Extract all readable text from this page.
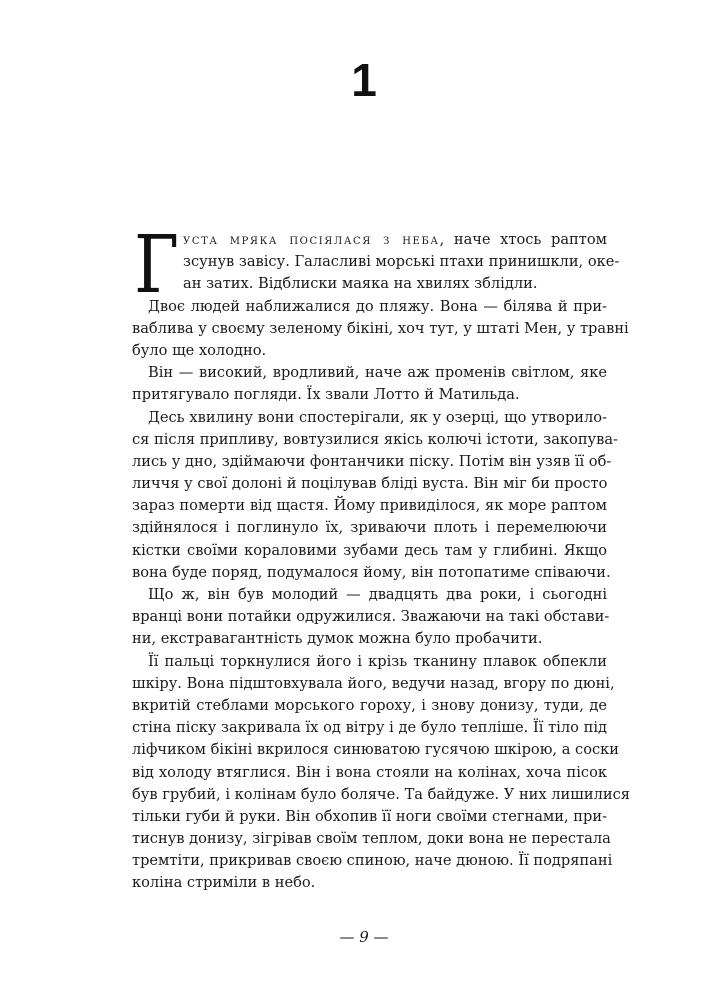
1
Г уста мряка посіялася з неба, наче хтось раптом
зсунув завісу. Галасливі морські птахи принишкли, оке-
ан затих. Відблиски маяка на хвилях зблідли.
Двоє людей наближалися до пляжу. Вона — білява й при-
ваблива у своєму зеленому бікіні, хоч тут, у штаті Мен, у травні
було ще холодно.
Він — високий, вродливий, наче аж променів світлом, яке
притягувало погляди. Їх звали Лотто й Матильда.
Десь хвилину вони спостерігали, як у озерці, що утворило-
ся після припливу, вовтузилися якісь колючі істоти, закопува-
лись у дно, здіймаючи фонтанчики піску. Потім він узяв її об-
личчя у свої долоні й поцілував бліді вуста. Він міг би просто
зараз померти від щастя. Йому привиділося, як море раптом
здійнялося і поглинуло їх, зриваючи плоть і перемелюючи
кістки своїми кораловими зубами десь там у глибині. Якщо
вона буде поряд, подумалося йому, він потопатиме співаючи.
Що ж, він був молодий — двадцять два роки, і сьогодні
вранці вони потайки одружилися. Зважаючи на такі обстави-
ни, екстравагантність думок можна було пробачити.
Її пальці торкнулися його і крізь тканину плавок обпекли
шкіру. Вона підштовхувала його, ведучи назад, вгору по дюні,
вкритій стеблами морського гороху, і знову донизу, туди, де
стіна піску закривала їх од вітру і де було тепліше. Її тіло під
ліфчиком бікіні вкрилося синюватою гусячою шкірою, а соски
від холоду втяглися. Він і вона стояли на колінах, хоча пісок
був грубий, і колінам було боляче. Та байдуже. У них лишилися
тільки губи й руки. Він обхопив її ноги своїми стегнами, при-
тиснув донизу, зігрівав своїм теплом, доки вона не перестала
тремтіти, прикривав своєю спиною, наче дюною. Її подряпані
коліна стриміли в небо.
— 9 —
